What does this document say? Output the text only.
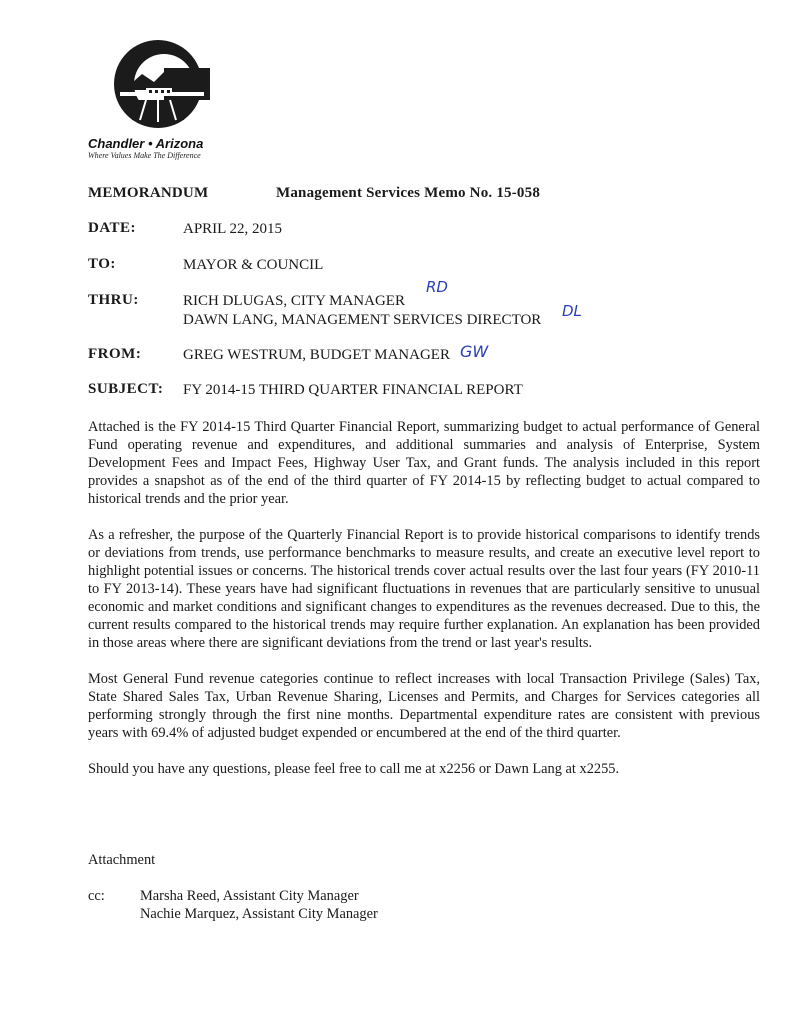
Chandler • Arizona
Where Values Make The Difference
MEMORANDUM	Management Services Memo No. 15-058
DATE:	APRIL 22, 2015
TO:	MAYOR & COUNCIL
THRU:	RICH DLUGAS, CITY MANAGER
DAWN LANG, MANAGEMENT SERVICES DIRECTOR
RD
DL
FROM:	GREG WESTRUM, BUDGET MANAGER GW
SUBJECT: FY 2014-15 THIRD QUARTER FINANCIAL REPORT

Attached is the FY 2014-15 Third Quarter Financial Report, summarizing budget to actual performance of General Fund operating revenue and expenditures, and additional summaries and analysis of Enterprise, System Development Fees and Impact Fees, Highway User Tax, and Grant funds. The analysis included in this report provides a snapshot as of the end of the third quarter of FY 2014-15 by reflecting budget to actual compared to historical trends and the prior year.

As a refresher, the purpose of the Quarterly Financial Report is to provide historical comparisons to identify trends or deviations from trends, use performance benchmarks to measure results, and create an executive level report to highlight potential issues or concerns. The historical trends cover actual results over the last four years (FY 2010-11 to FY 2013-14). These years have had significant fluctuations in revenues that are particularly sensitive to unusual economic and market conditions and significant changes to expenditures as the revenues decreased. Due to this, the current results compared to the historical trends may require further explanation. An explanation has been provided in those areas where there are significant deviations from the trend or last year's results.

Most General Fund revenue categories continue to reflect increases with local Transaction Privilege (Sales) Tax, State Shared Sales Tax, Urban Revenue Sharing, Licenses and Permits, and Charges for Services categories all performing strongly through the first nine months. Departmental expenditure rates are consistent with previous years with 69.4% of adjusted budget expended or encumbered at the end of the third quarter.

Should you have any questions, please feel free to call me at x2256 or Dawn Lang at x2255.

Attachment
cc: Marsha Reed, Assistant City Manager
Nachie Marquez, Assistant City Manager
